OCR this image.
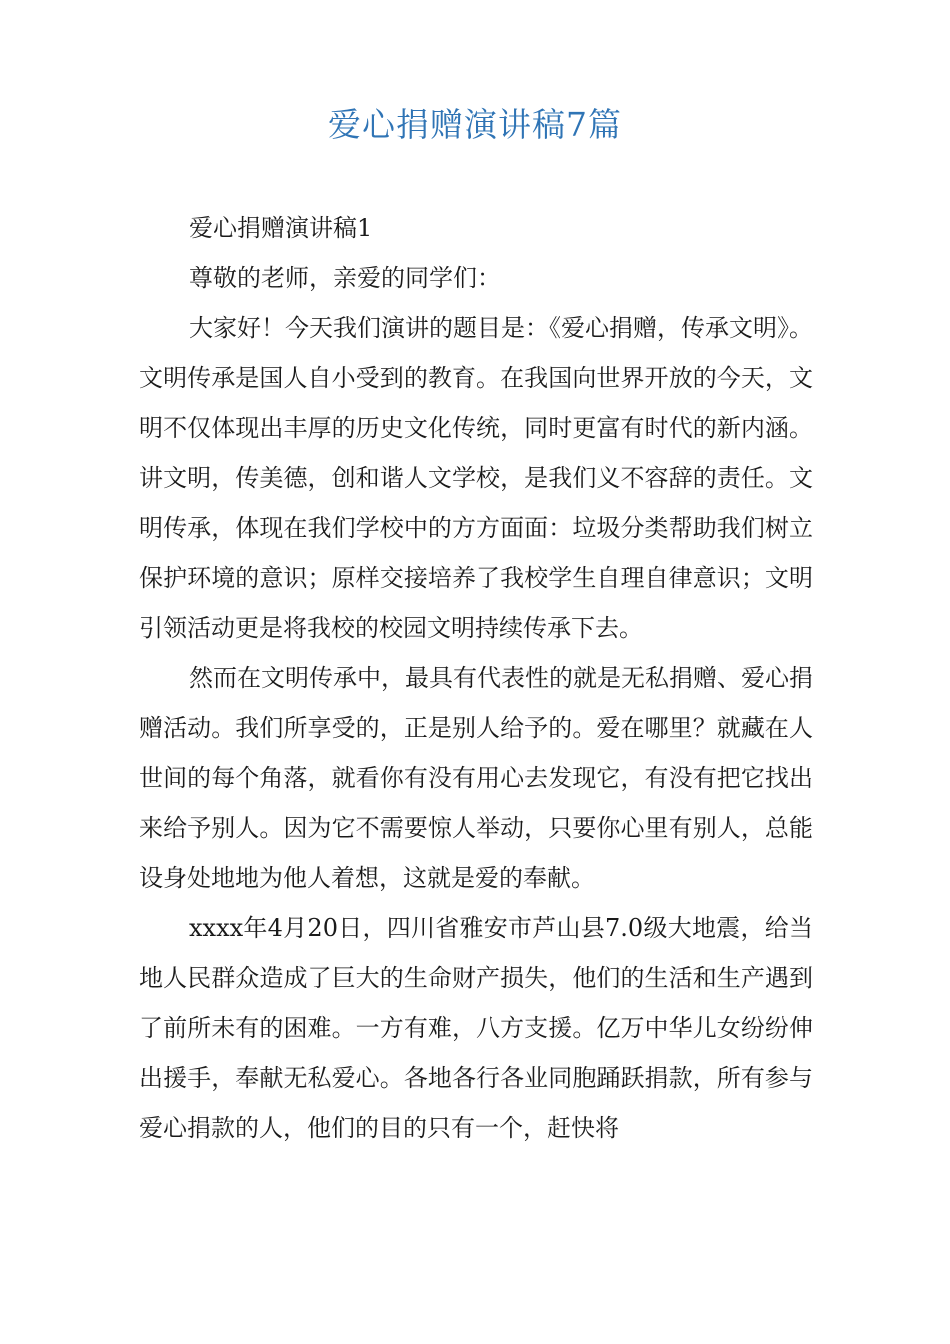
爱心捐赠演讲稿7篇

爱心捐赠演讲稿1

尊敬的老师，亲爱的同学们：

大家好！今天我们演讲的题目是：《爱心捐赠，传承文明》。文明传承是国人自小受到的教育。在我国向世界开放的今天，文明不仅体现出丰厚的历史文化传统，同时更富有时代的新内涵。讲文明，传美德，创和谐人文学校，是我们义不容辞的责任。文明传承，体现在我们学校中的方方面面：垃圾分类帮助我们树立保护环境的意识；原样交接培养了我校学生自理自律意识；文明引领活动更是将我校的校园文明持续传承下去。

然而在文明传承中，最具有代表性的就是无私捐赠、爱心捐赠活动。我们所享受的，正是别人给予的。爱在哪里？就藏在人世间的每个角落，就看你有没有用心去发现它，有没有把它找出来给予别人。因为它不需要惊人举动，只要你心里有别人，总能设身处地地为他人着想，这就是爱的奉献。

xxxx年4月20日，四川省雅安市芦山县7.0级大地震，给当地人民群众造成了巨大的生命财产损失，他们的生活和生产遇到了前所未有的困难。一方有难，八方支援。亿万中华儿女纷纷伸出援手，奉献无私爱心。各地各行各业同胞踊跃捐款，所有参与爱心捐款的人，他们的目的只有一个，赶快将
